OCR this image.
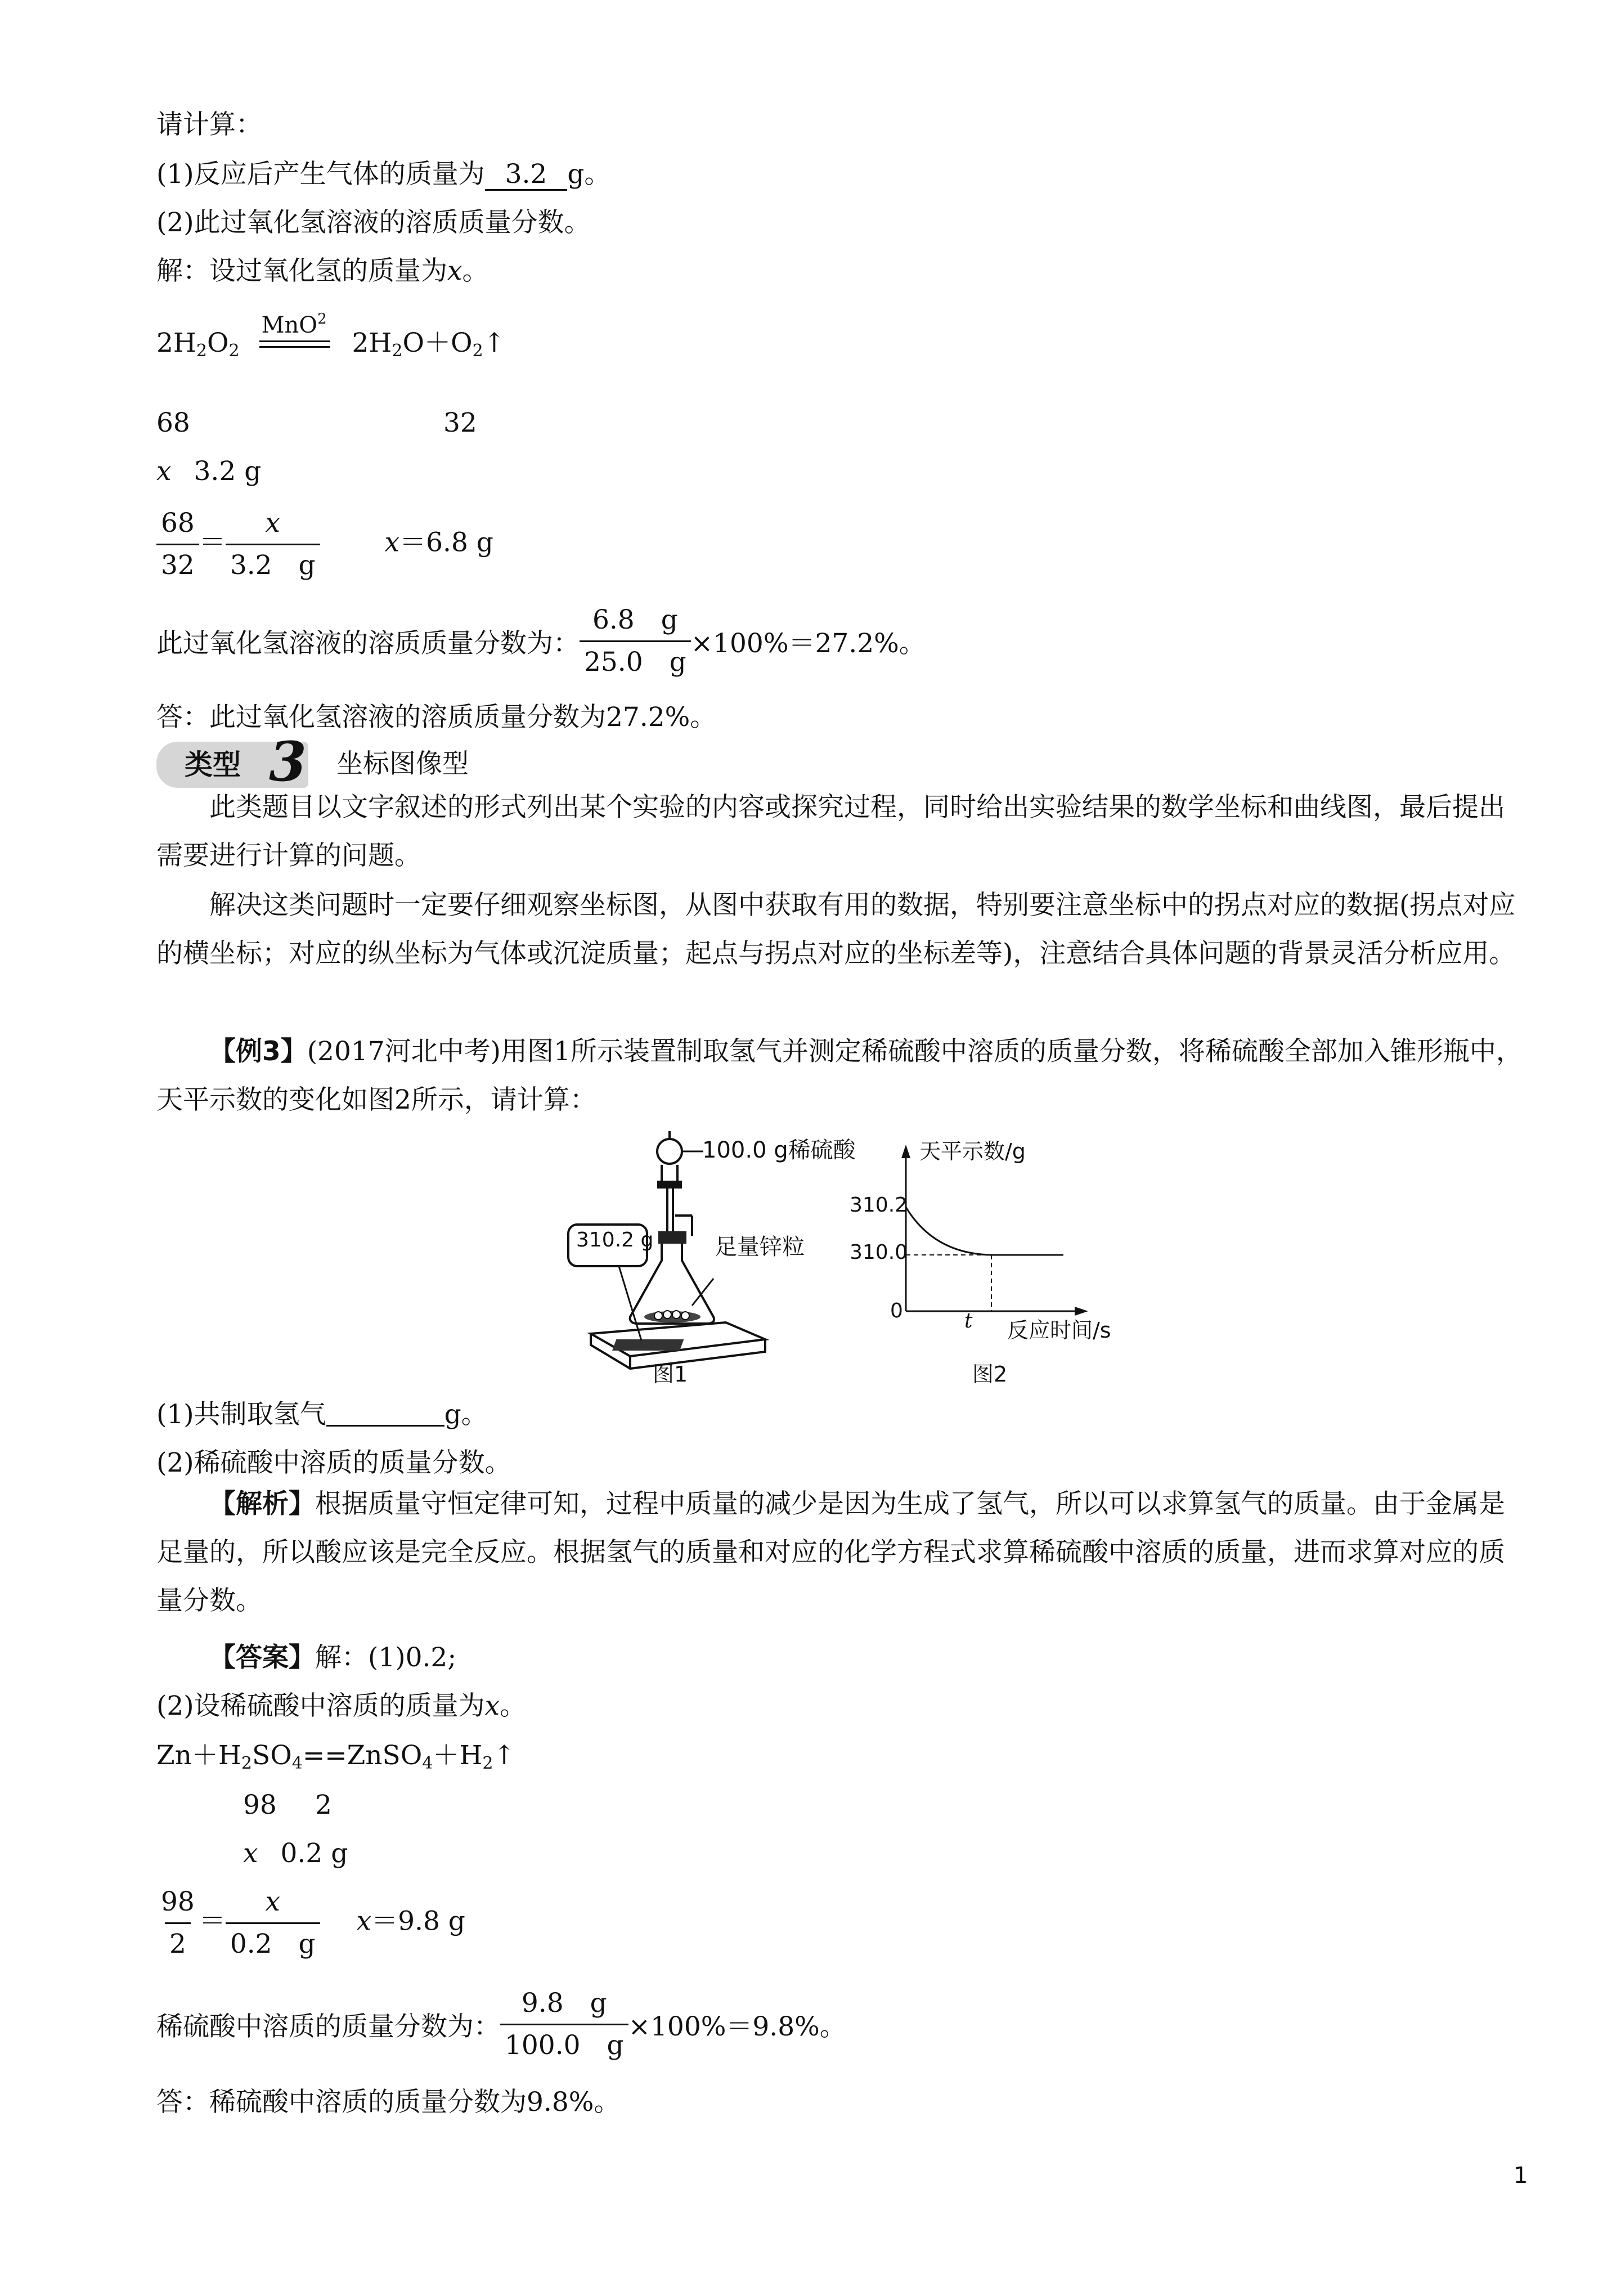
请计算：
(1)反应后产生气体的质量为 3.2 g。
(2)此过氧化氢溶液的溶质质量分数。
解：设过氧化氢的质量为x。
$2H_2O_2$
MnO$^2$
$2H_2O+O_2↑$
68	32
x 3.2 g
$\frac{68}{32} = \frac{x}{3.2 g} x=6.8$ g
此过氧化氢溶液的溶质质量分数为： $\frac{6.8 g}{25.0 g} \times 100\%=27.2\%$。
答：此过氧化氢溶液的溶质质量分数为27.2%。
类型 3 坐标图像型
此类题目以文字叙述的形式列出某个实验的内容或探究过程，同时给出实验结果的数学坐标和曲线图，最后提出需要进行计算的问题。
解决这类问题时一定要仔细观察坐标图，从图中获取有用的数据，特别要注意坐标中的拐点对应的数据(拐点对应的横坐标；对应的纵坐标为气体或沉淀质量；起点与拐点对应的坐标差等)，注意结合具体问题的背景灵活分析应用。
【例3】(2017河北中考)用图1所示装置制取氢气并测定稀硫酸中溶质的质量分数，将稀硫酸全部加入锥形瓶中，天平示数的变化如图2所示，请计算：
100.0 g稀硫酸
310.2 g	足量锌粒
图1
天平示数/g
310.2
310.0
0	t 反应时间/s
图2
(1)共制取氢气	g。
(2)稀硫酸中溶质的质量分数。
【解析】根据质量守恒定律可知，过程中质量的减少是因为生成了氢气，所以可以求算氢气的质量。由于金属是足量的，所以酸应该是完全反应。根据氢气的质量和对应的化学方程式求算稀硫酸中溶质的质量，进而求算对应的质量分数。
【答案】解：(1)0.2;
(2)设稀硫酸中溶质的质量为x。
$Zn+H_2SO_4==ZnSO_4+H_2↑$
98 2
x 0.2 g
$\frac{98}{2} = \frac{x}{0.2 g} x=9.8$ g
稀硫酸中溶质的质量分数为： $\frac{9.8 g}{100.0 g} \times 100\%=9.8\%$。
答：稀硫酸中溶质的质量分数为9.8%。
1
